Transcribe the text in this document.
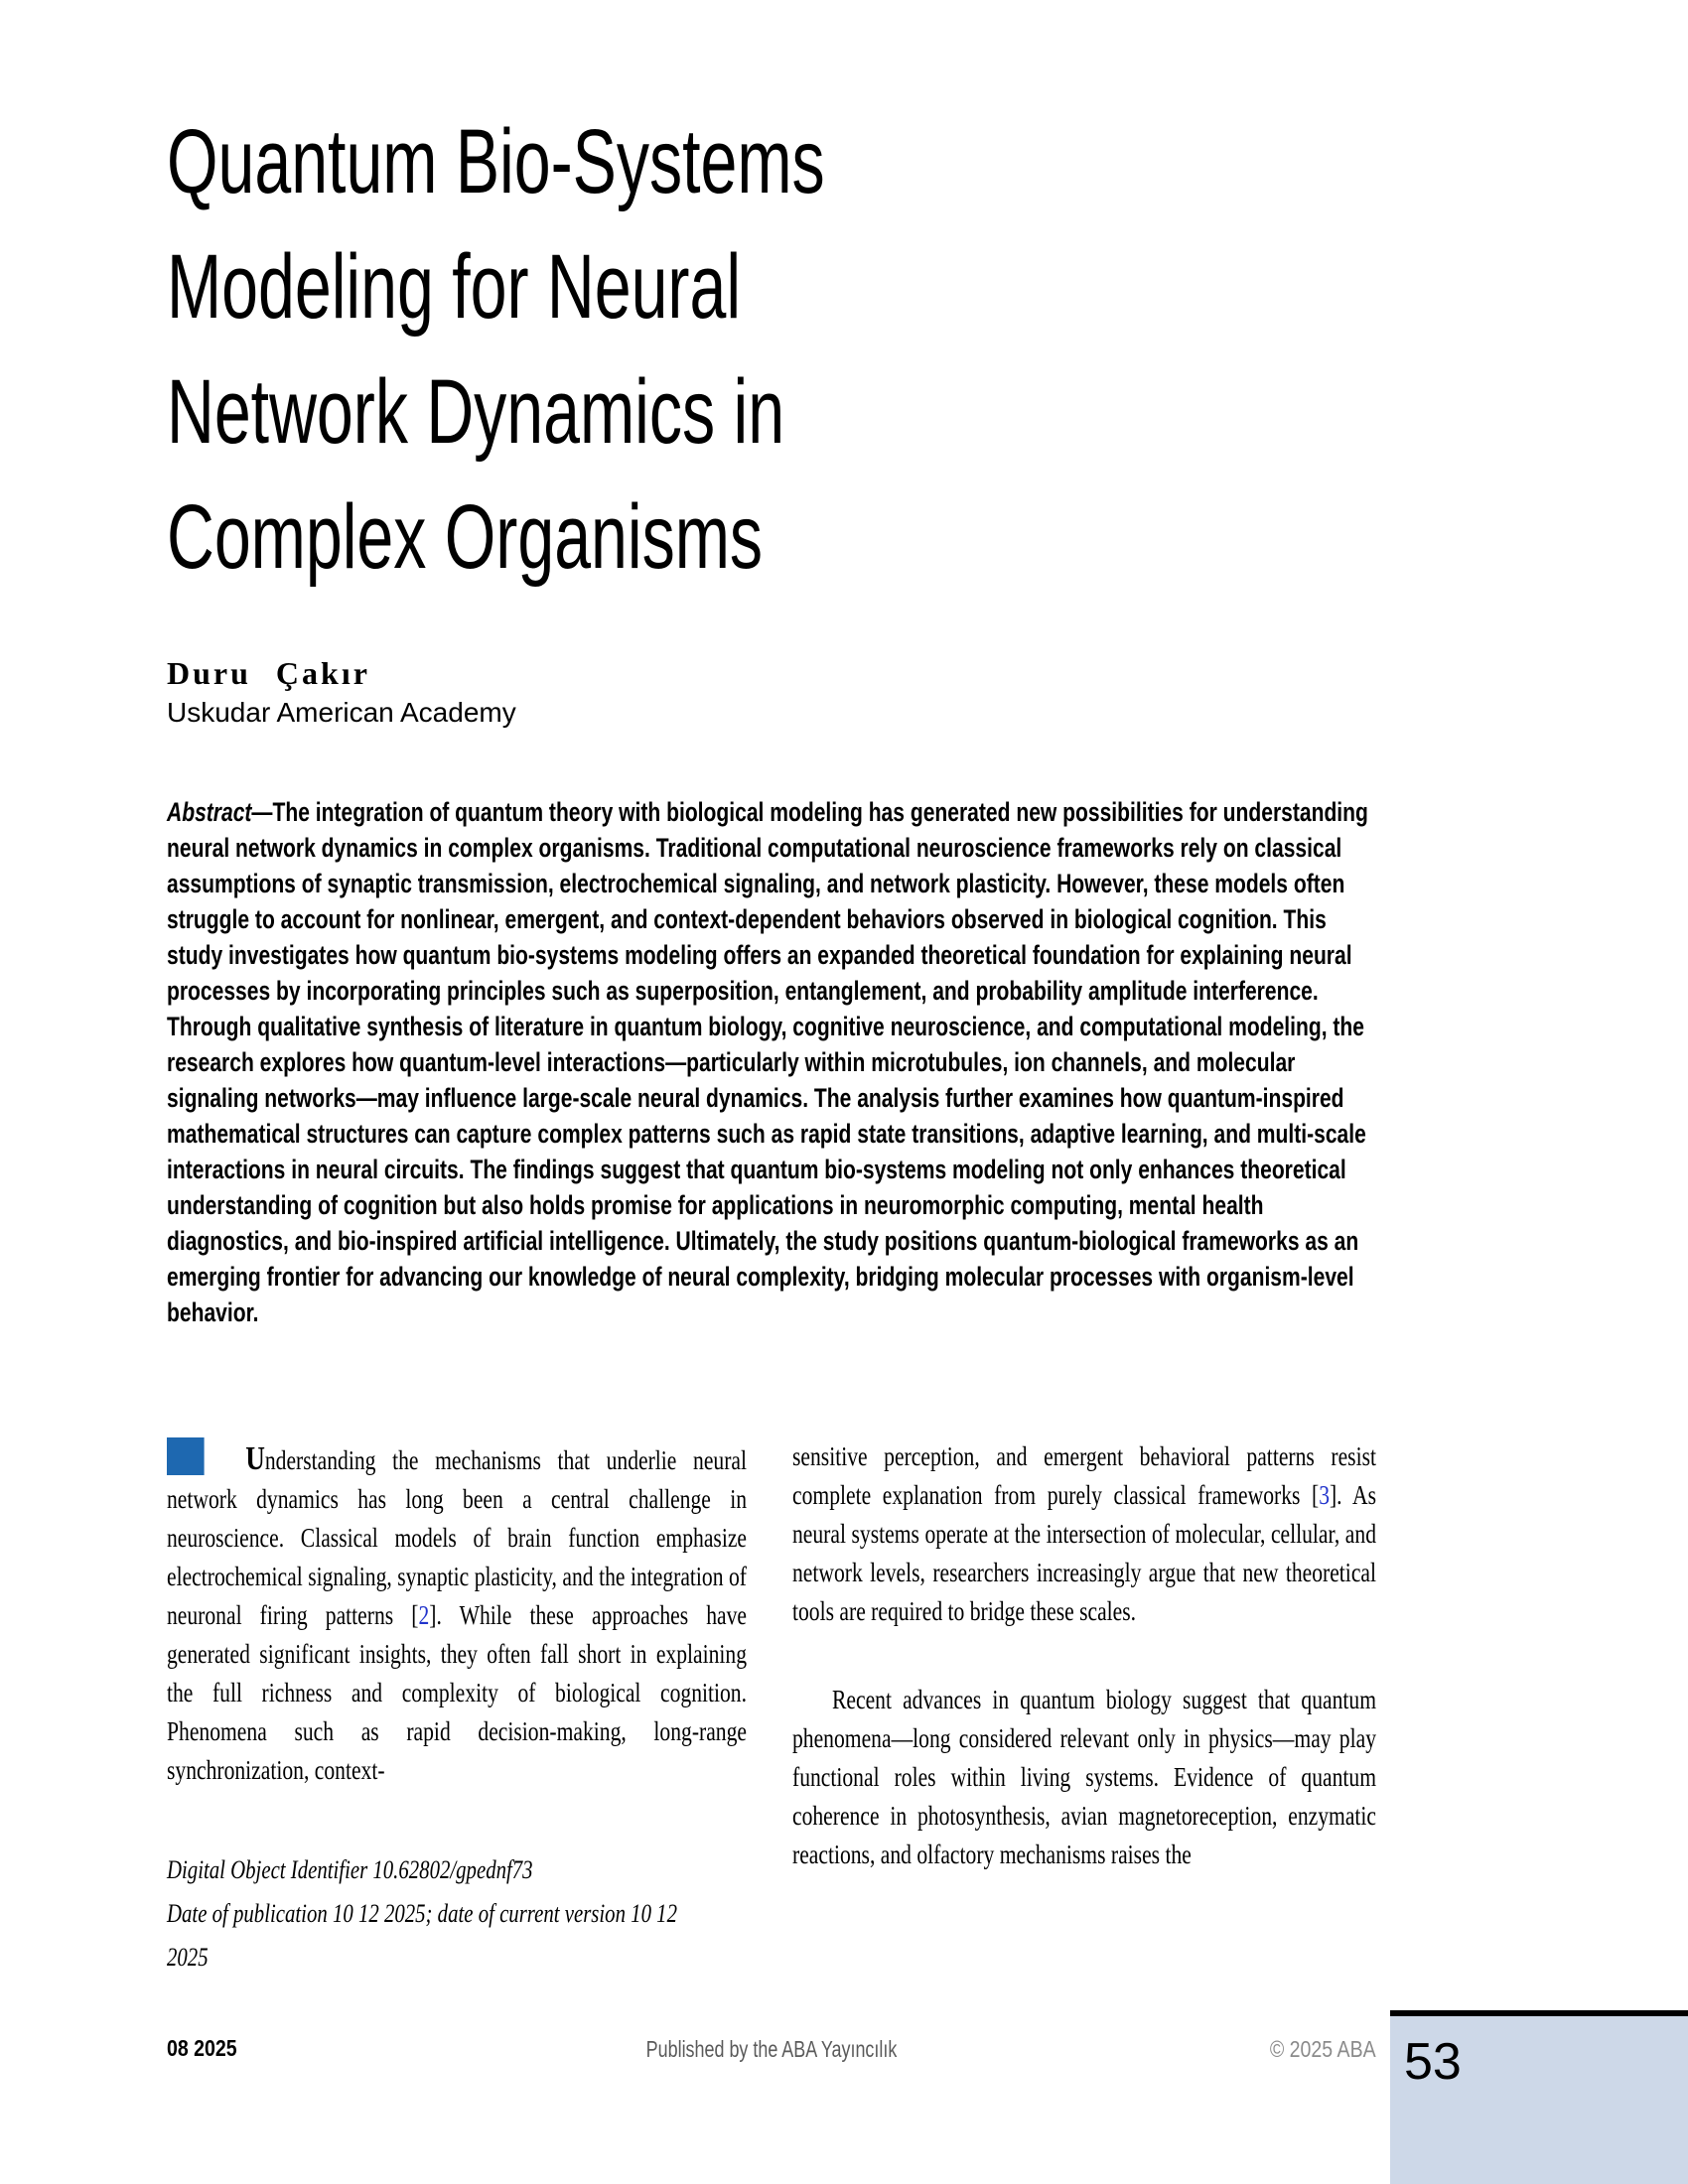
Quantum Bio-Systems
Modeling for Neural
Network Dynamics in
Complex Organisms
Duru Çakır
Uskudar American Academy
Abstract—The integration of quantum theory with biological modeling has generated new possibilities for understanding neural network dynamics in complex organisms. Traditional computational neuroscience frameworks rely on classical assumptions of synaptic transmission, electrochemical signaling, and network plasticity. However, these models often struggle to account for nonlinear, emergent, and context-dependent behaviors observed in biological cognition. This study investigates how quantum bio-systems modeling offers an expanded theoretical foundation for explaining neural processes by incorporating principles such as superposition, entanglement, and probability amplitude interference. Through qualitative synthesis of literature in quantum biology, cognitive neuroscience, and computational modeling, the research explores how quantum-level interactions—particularly within microtubules, ion channels, and molecular signaling networks—may influence large-scale neural dynamics. The analysis further examines how quantum-inspired mathematical structures can capture complex patterns such as rapid state transitions, adaptive learning, and multi-scale interactions in neural circuits. The findings suggest that quantum bio-systems modeling not only enhances theoretical understanding of cognition but also holds promise for applications in neuromorphic computing, mental health diagnostics, and bio-inspired artificial intelligence. Ultimately, the study positions quantum-biological frameworks as an emerging frontier for advancing our knowledge of neural complexity, bridging molecular processes with organism-level behavior.
Understanding the mechanisms that underlie neural network dynamics has long been a central challenge in neuroscience. Classical models of brain function emphasize electrochemical signaling, synaptic plasticity, and the integration of neuronal firing patterns [2]. While these approaches have generated significant insights, they often fall short in explaining the full richness and complexity of biological cognition. Phenomena such as rapid decision-making, long-range synchronization, context-
sensitive perception, and emergent behavioral patterns resist complete explanation from purely classical frameworks [3]. As neural systems operate at the intersection of molecular, cellular, and network levels, researchers increasingly argue that new theoretical tools are required to bridge these scales.
Recent advances in quantum biology suggest that quantum phenomena—long considered relevant only in physics—may play functional roles within living systems. Evidence of quantum coherence in photosynthesis, avian magnetoreception, enzymatic reactions, and olfactory mechanisms raises the
Digital Object Identifier 10.62802/gpednf73
Date of publication 10 12 2025; date of current version 10 12
2025
08 2025	Published by the ABA Yayıncılık	© 2025 ABA 53
